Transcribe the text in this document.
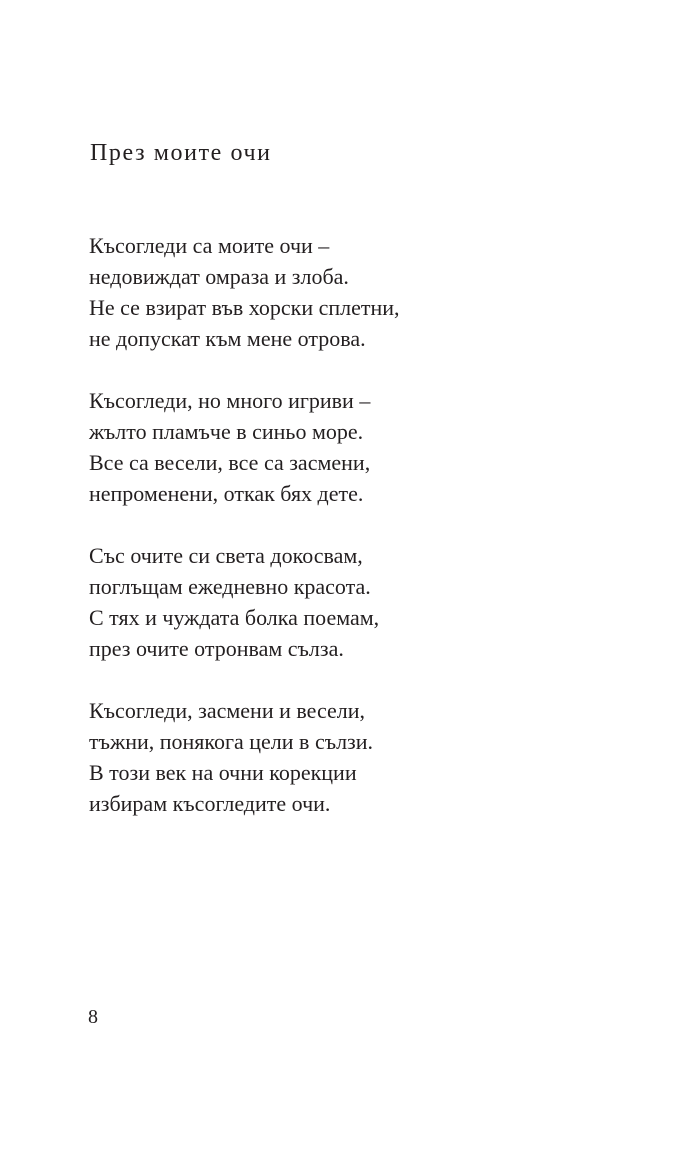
През моите очи
Късогледи са моите очи –
недовиждат омраза и злоба.
Не се взират във хорски сплетни,
не допускат към мене отрова.
Късогледи, но много игриви –
жълто пламъче в синьо море.
Все са весели, все са засмени,
непроменени, откак бях дете.
Със очите си света докосвам,
поглъщам ежедневно красота.
С тях и чуждата болка поемам,
през очите отронвам сълза.
Късогледи, засмени и весели,
тъжни, понякога цели в сълзи.
В този век на очни корекции
избирам късогледите очи.
8
